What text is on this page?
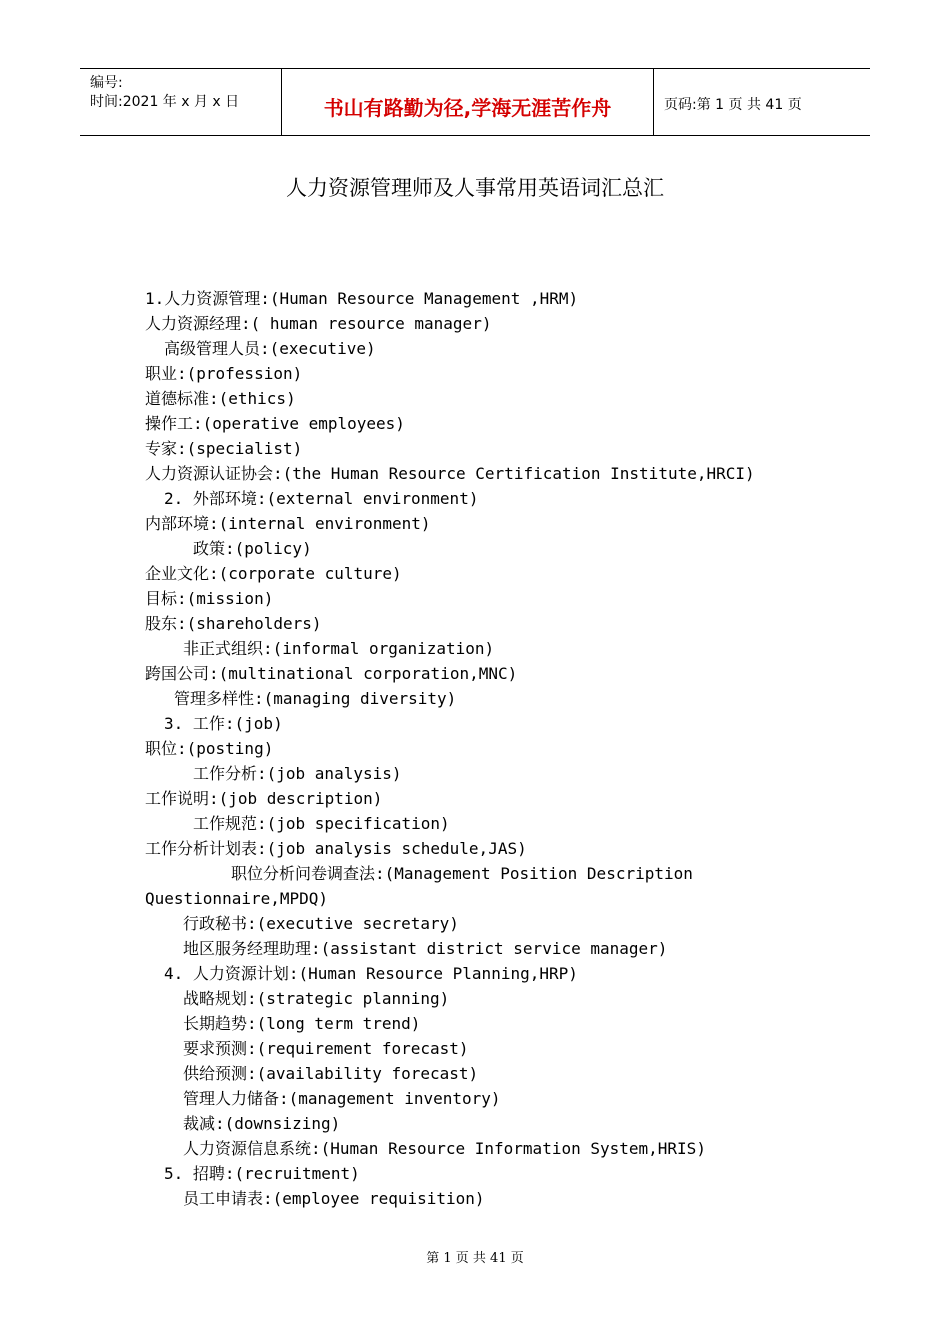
编号:
时间:2021 年 x 月 x 日	书山有路勤为径,学海无涯苦作舟	页码:第 1 页 共 41 页
人力资源管理师及人事常用英语词汇总汇
1.人力资源管理:(Human Resource Management ,HRM)
人力资源经理:( human resource manager)
高级管理人员:(executive)
职业:(profession)
道德标准:(ethics)
操作工:(operative employees)
专家:(specialist)
人力资源认证协会:(the Human Resource Certification Institute,HRCI)
2. 外部环境:(external environment)
内部环境:(internal environment)
政策:(policy)
企业文化:(corporate culture)
目标:(mission)
股东:(shareholders)
非正式组织:(informal organization)
跨国公司:(multinational corporation,MNC)
管理多样性:(managing diversity)
3. 工作:(job)
职位:(posting)
工作分析:(job analysis)
工作说明:(job description)
工作规范:(job specification)
工作分析计划表:(job analysis schedule,JAS)
职位分析问卷调查法:(Management Position Description
Questionnaire,MPDQ)
行政秘书:(executive secretary)
地区服务经理助理:(assistant district service manager)
4. 人力资源计划:(Human Resource Planning,HRP)
战略规划:(strategic planning)
长期趋势:(long term trend)
要求预测:(requirement forecast)
供给预测:(availability forecast)
管理人力储备:(management inventory)
裁减:(downsizing)
人力资源信息系统:(Human Resource Information System,HRIS)
5. 招聘:(recruitment)
员工申请表:(employee requisition)
第 1 页 共 41 页
